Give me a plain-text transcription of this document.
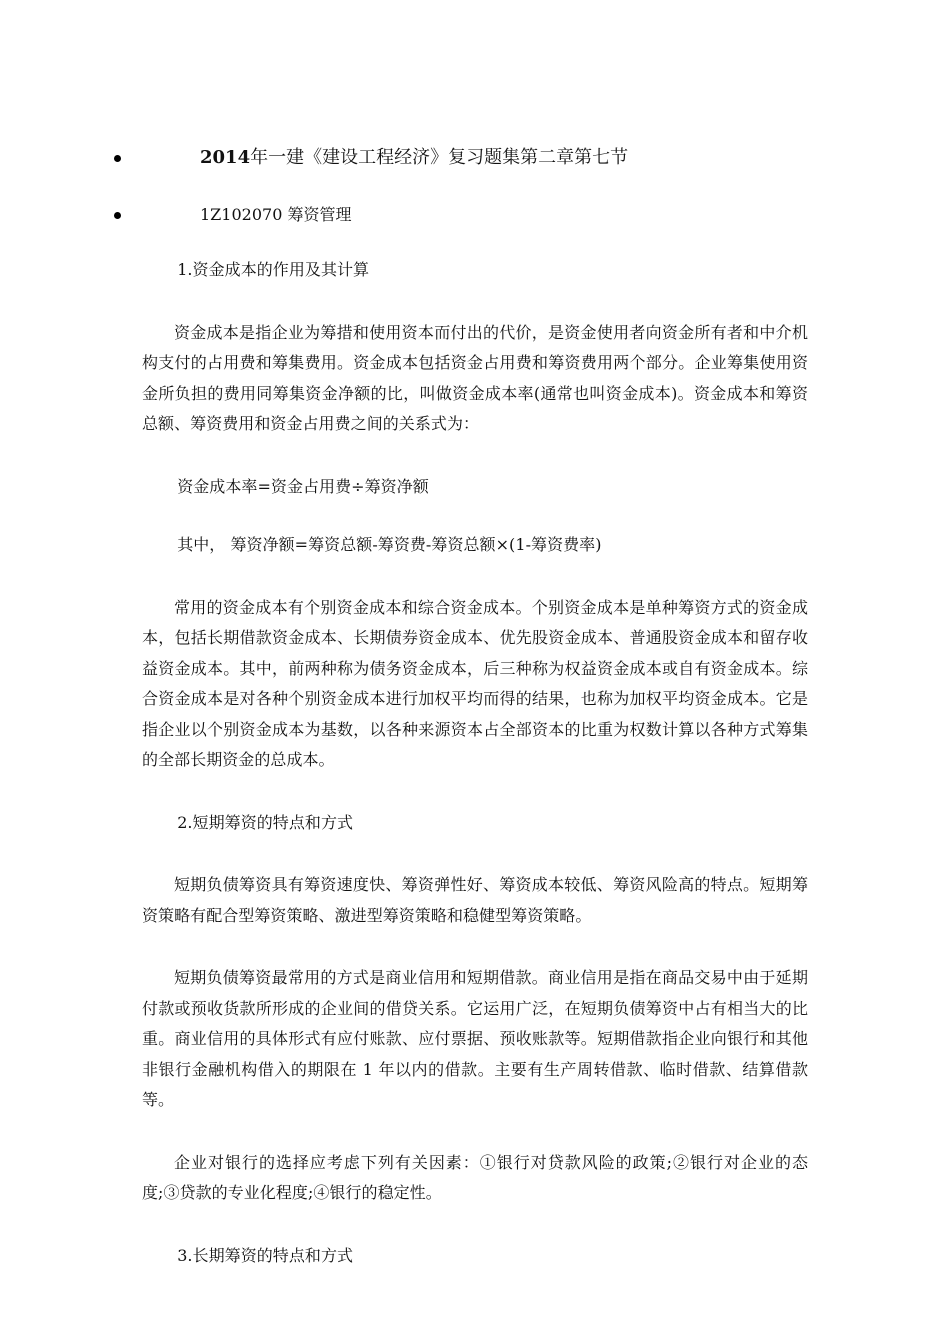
2014年一建《建设工程经济》复习题集第二章第七节
1Z102070 筹资管理

1.资金成本的作用及其计算

资金成本是指企业为筹措和使用资本而付出的代价，是资金使用者向资金所有者和中介机构支付的占用费和筹集费用。资金成本包括资金占用费和筹资费用两个部分。企业筹集使用资金所负担的费用同筹集资金净额的比，叫做资金成本率(通常也叫资金成本)。资金成本和筹资总额、筹资费用和资金占用费之间的关系式为：

资金成本率=资金占用费÷筹资净额

其中， 筹资净额=筹资总额-筹资费-筹资总额×(1-筹资费率)

常用的资金成本有个别资金成本和综合资金成本。个别资金成本是单种筹资方式的资金成本，包括长期借款资金成本、长期债券资金成本、优先股资金成本、普通股资金成本和留存收益资金成本。其中，前两种称为债务资金成本，后三种称为权益资金成本或自有资金成本。综合资金成本是对各种个别资金成本进行加权平均而得的结果，也称为加权平均资金成本。它是指企业以个别资金成本为基数，以各种来源资本占全部资本的比重为权数计算以各种方式筹集的全部长期资金的总成本。

2.短期筹资的特点和方式

短期负债筹资具有筹资速度快、筹资弹性好、筹资成本较低、筹资风险高的特点。短期筹资策略有配合型筹资策略、激进型筹资策略和稳健型筹资策略。

短期负债筹资最常用的方式是商业信用和短期借款。商业信用是指在商品交易中由于延期付款或预收货款所形成的企业间的借贷关系。它运用广泛，在短期负债筹资中占有相当大的比重。商业信用的具体形式有应付账款、应付票据、预收账款等。短期借款指企业向银行和其他非银行金融机构借入的期限在 1 年以内的借款。主要有生产周转借款、临时借款、结算借款等。

企业对银行的选择应考虑下列有关因素：①银行对贷款风险的政策;②银行对企业的态度;③贷款的专业化程度;④银行的稳定性。

3.长期筹资的特点和方式
